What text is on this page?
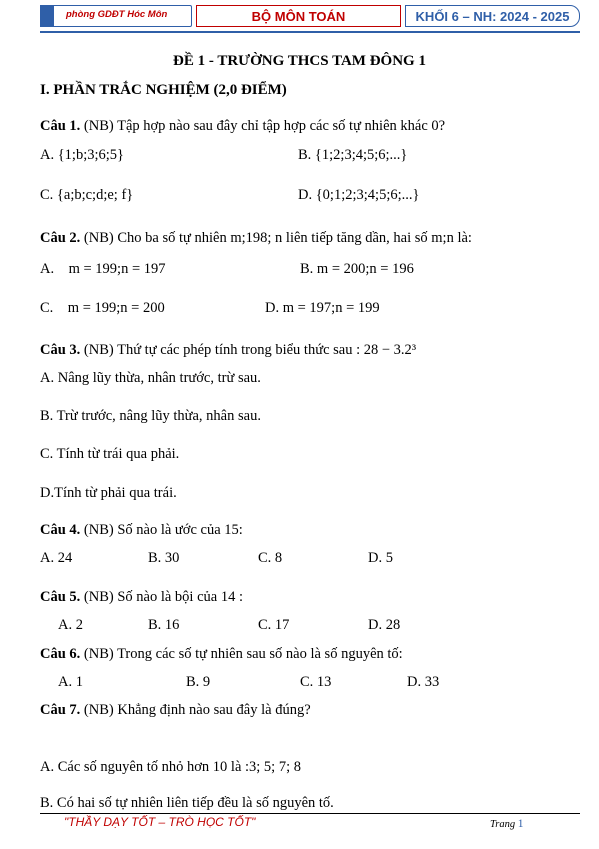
phòng GDĐT Hóc Môn	BỘ MÔN TOÁN	KHỐI 6 – NH: 2024 - 2025
ĐỀ 1 - TRƯỜNG THCS TAM ĐÔNG 1
I. PHẦN TRẮC NGHIỆM (2,0 ĐIỂM)
Câu 1. (NB) Tập hợp nào sau đây chỉ tập hợp các số tự nhiên khác 0?
A. {1;b;3;6;5}	B. {1;2;3;4;5;6;...}
C. {a;b;c;d;e; f}	D. {0;1;2;3;4;5;6;...}
Câu 2. (NB) Cho ba số tự nhiên m;198; n liên tiếp tăng dần, hai số m;n là:
A.    m = 199;n = 197	B. m = 200;n = 196
C.    m = 199;n = 200	D. m = 197;n = 199
Câu 3. (NB) Thứ tự các phép tính trong biểu thức sau : 28 − 3.2³
A. Nâng lũy thừa, nhân trước, trừ sau.
B. Trừ trước, nâng lũy thừa, nhân sau.
C. Tính từ trái qua phải.
D.Tính từ phải qua trái.
Câu 4. (NB) Số nào là ước của 15:
A. 24	B. 30	C. 8	D. 5
Câu 5. (NB) Số nào là bội của 14 :
A. 2	B. 16	C. 17	D. 28
Câu 6. (NB) Trong các số tự nhiên sau số nào là số nguyên tố:
A. 1	B. 9	C. 13	D. 33
Câu 7. (NB) Khẳng định nào sau đây là đúng?
A. Các số nguyên tố nhỏ hơn 10 là :3; 5; 7; 8
B. Có hai số tự nhiên liên tiếp đều là số nguyên tố.
"THẦY DẠY TỐT – TRÒ HỌC TỐT"	Trang 1
